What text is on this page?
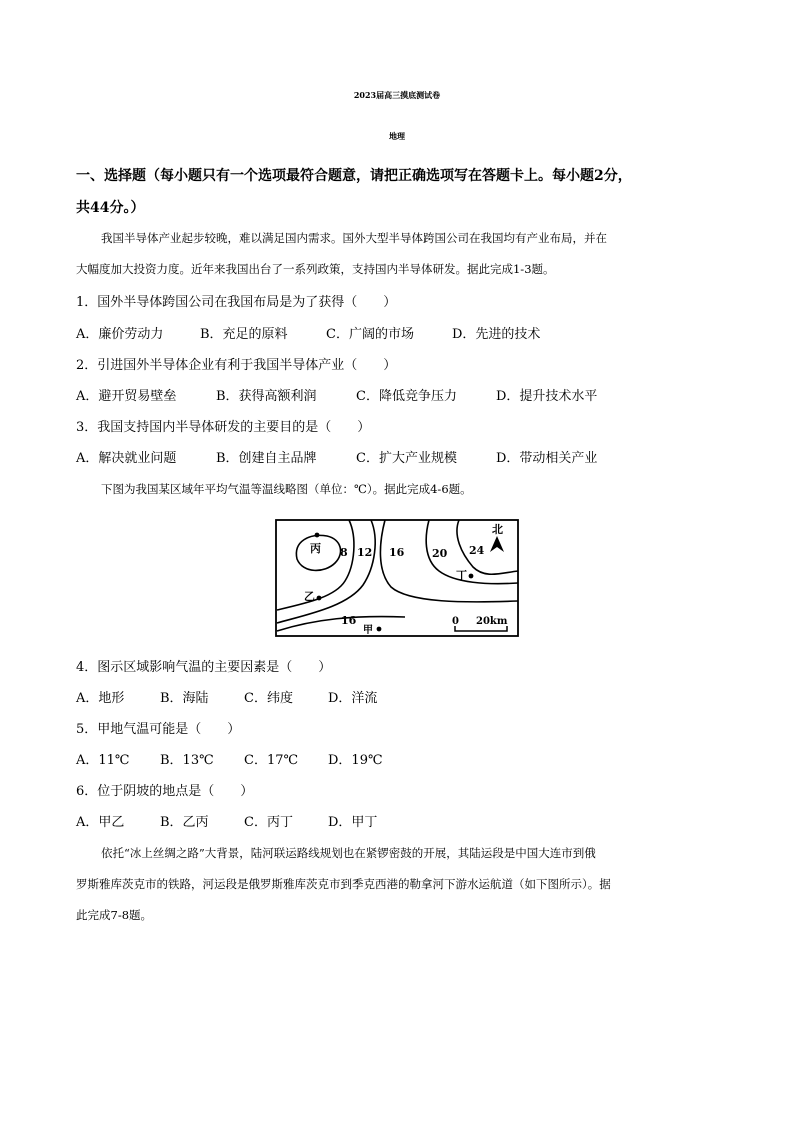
2023届高三摸底测试卷
地理
一、选择题（每小题只有一个选项最符合题意，请把正确选项写在答题卡上。每小题2分，
共44分。）
我国半导体产业起步较晚，难以满足国内需求。国外大型半导体跨国公司在我国均有产业布局，并在
大幅度加大投资力度。近年来我国出台了一系列政策，支持国内半导体研发。据此完成1-3题。
1．国外半导体跨国公司在我国布局是为了获得（　　）
A．廉价劳动力	B．充足的原料	C．广阔的市场	D．先进的技术
2．引进国外半导体企业有利于我国半导体产业（　　）
A．避开贸易壁垒	B．获得高额利润	C．降低竞争压力	D．提升技术水平
3．我国支持国内半导体研发的主要目的是（　　）
A．解决就业问题	B．创建自主品牌	C．扩大产业规模	D．带动相关产业
下图为我国某区域年平均气温等温线略图（单位：℃）。据此完成4-6题。
8 12 16	20 24
16
丙
乙
丁
甲
北
0 20km
4．图示区域影响气温的主要因素是（　　）
A．地形	B．海陆	C．纬度	D．洋流
5．甲地气温可能是（　　）
A．11℃ B．13℃ C．17℃ D．19℃
6．位于阴坡的地点是（　　）
A．甲乙	B．乙丙	C．丙丁	D．甲丁
依托“冰上丝绸之路”大背景，陆河联运路线规划也在紧锣密鼓的开展，其陆运段是中国大连市到俄
罗斯雅库茨克市的铁路，河运段是俄罗斯雅库茨克市到季克西港的勒拿河下游水运航道（如下图所示）。据
此完成7-8题。
